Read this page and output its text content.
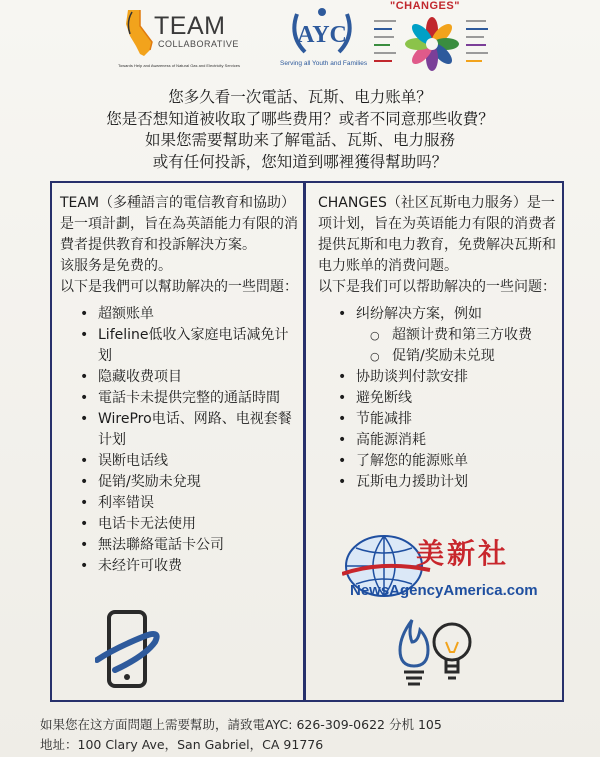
TEAM
COLLABORATIVE
Towards Help and Awareness of Natural Gas and Electricity Services
AYC
Serving all Youth and Families
"CHANGES"
您多久看一次電話、瓦斯、电力账单？
您是否想知道被收取了哪些费用？或者不同意那些收費？
如果您需要幫助来了解電話、瓦斯、电力服務
或有任何投訴，您知道到哪裡獲得幫助吗？

TEAM（多種語言的電信教育和協助）是一項計劃，旨在為英語能力有限的消費者提供教育和投訴解決方案。

该服务是免费的。

以下是我們可以幫助解决的一些問題：

• 超额账单
• Lifeline低收入家庭电话减免计划
• 隐藏收费项目
• 電話卡未提供完整的通話時間
• WirePro电话、网路、电视套餐计划
• 误断电话线
• 促销/奖励未兌現
• 利率错误
• 电话卡无法使用
• 無法聯絡電話卡公司
• 未经许可收费

CHANGES（社区瓦斯电力服务）是一项计划，旨在为英语能力有限的消费者提供瓦斯和电力教育，免费解决瓦斯和电力账单的消费问题。

以下是我们可以帮助解决的一些问题：

• 纠纷解决方案，例如
○ 超额计费和第三方收费
○ 促销/奖励未兑现
• 协助谈判付款安排
• 避免断线
• 节能减排
• 高能源消耗
• 了解您的能源账单
• 瓦斯电力援助计划
美新社
NewsAgencyAmerica.com
如果您在这方面問題上需要幫助，請致電AYC: 626-309-0622 分机 105
地址：100 Clary Ave，San Gabriel，CA 91776
